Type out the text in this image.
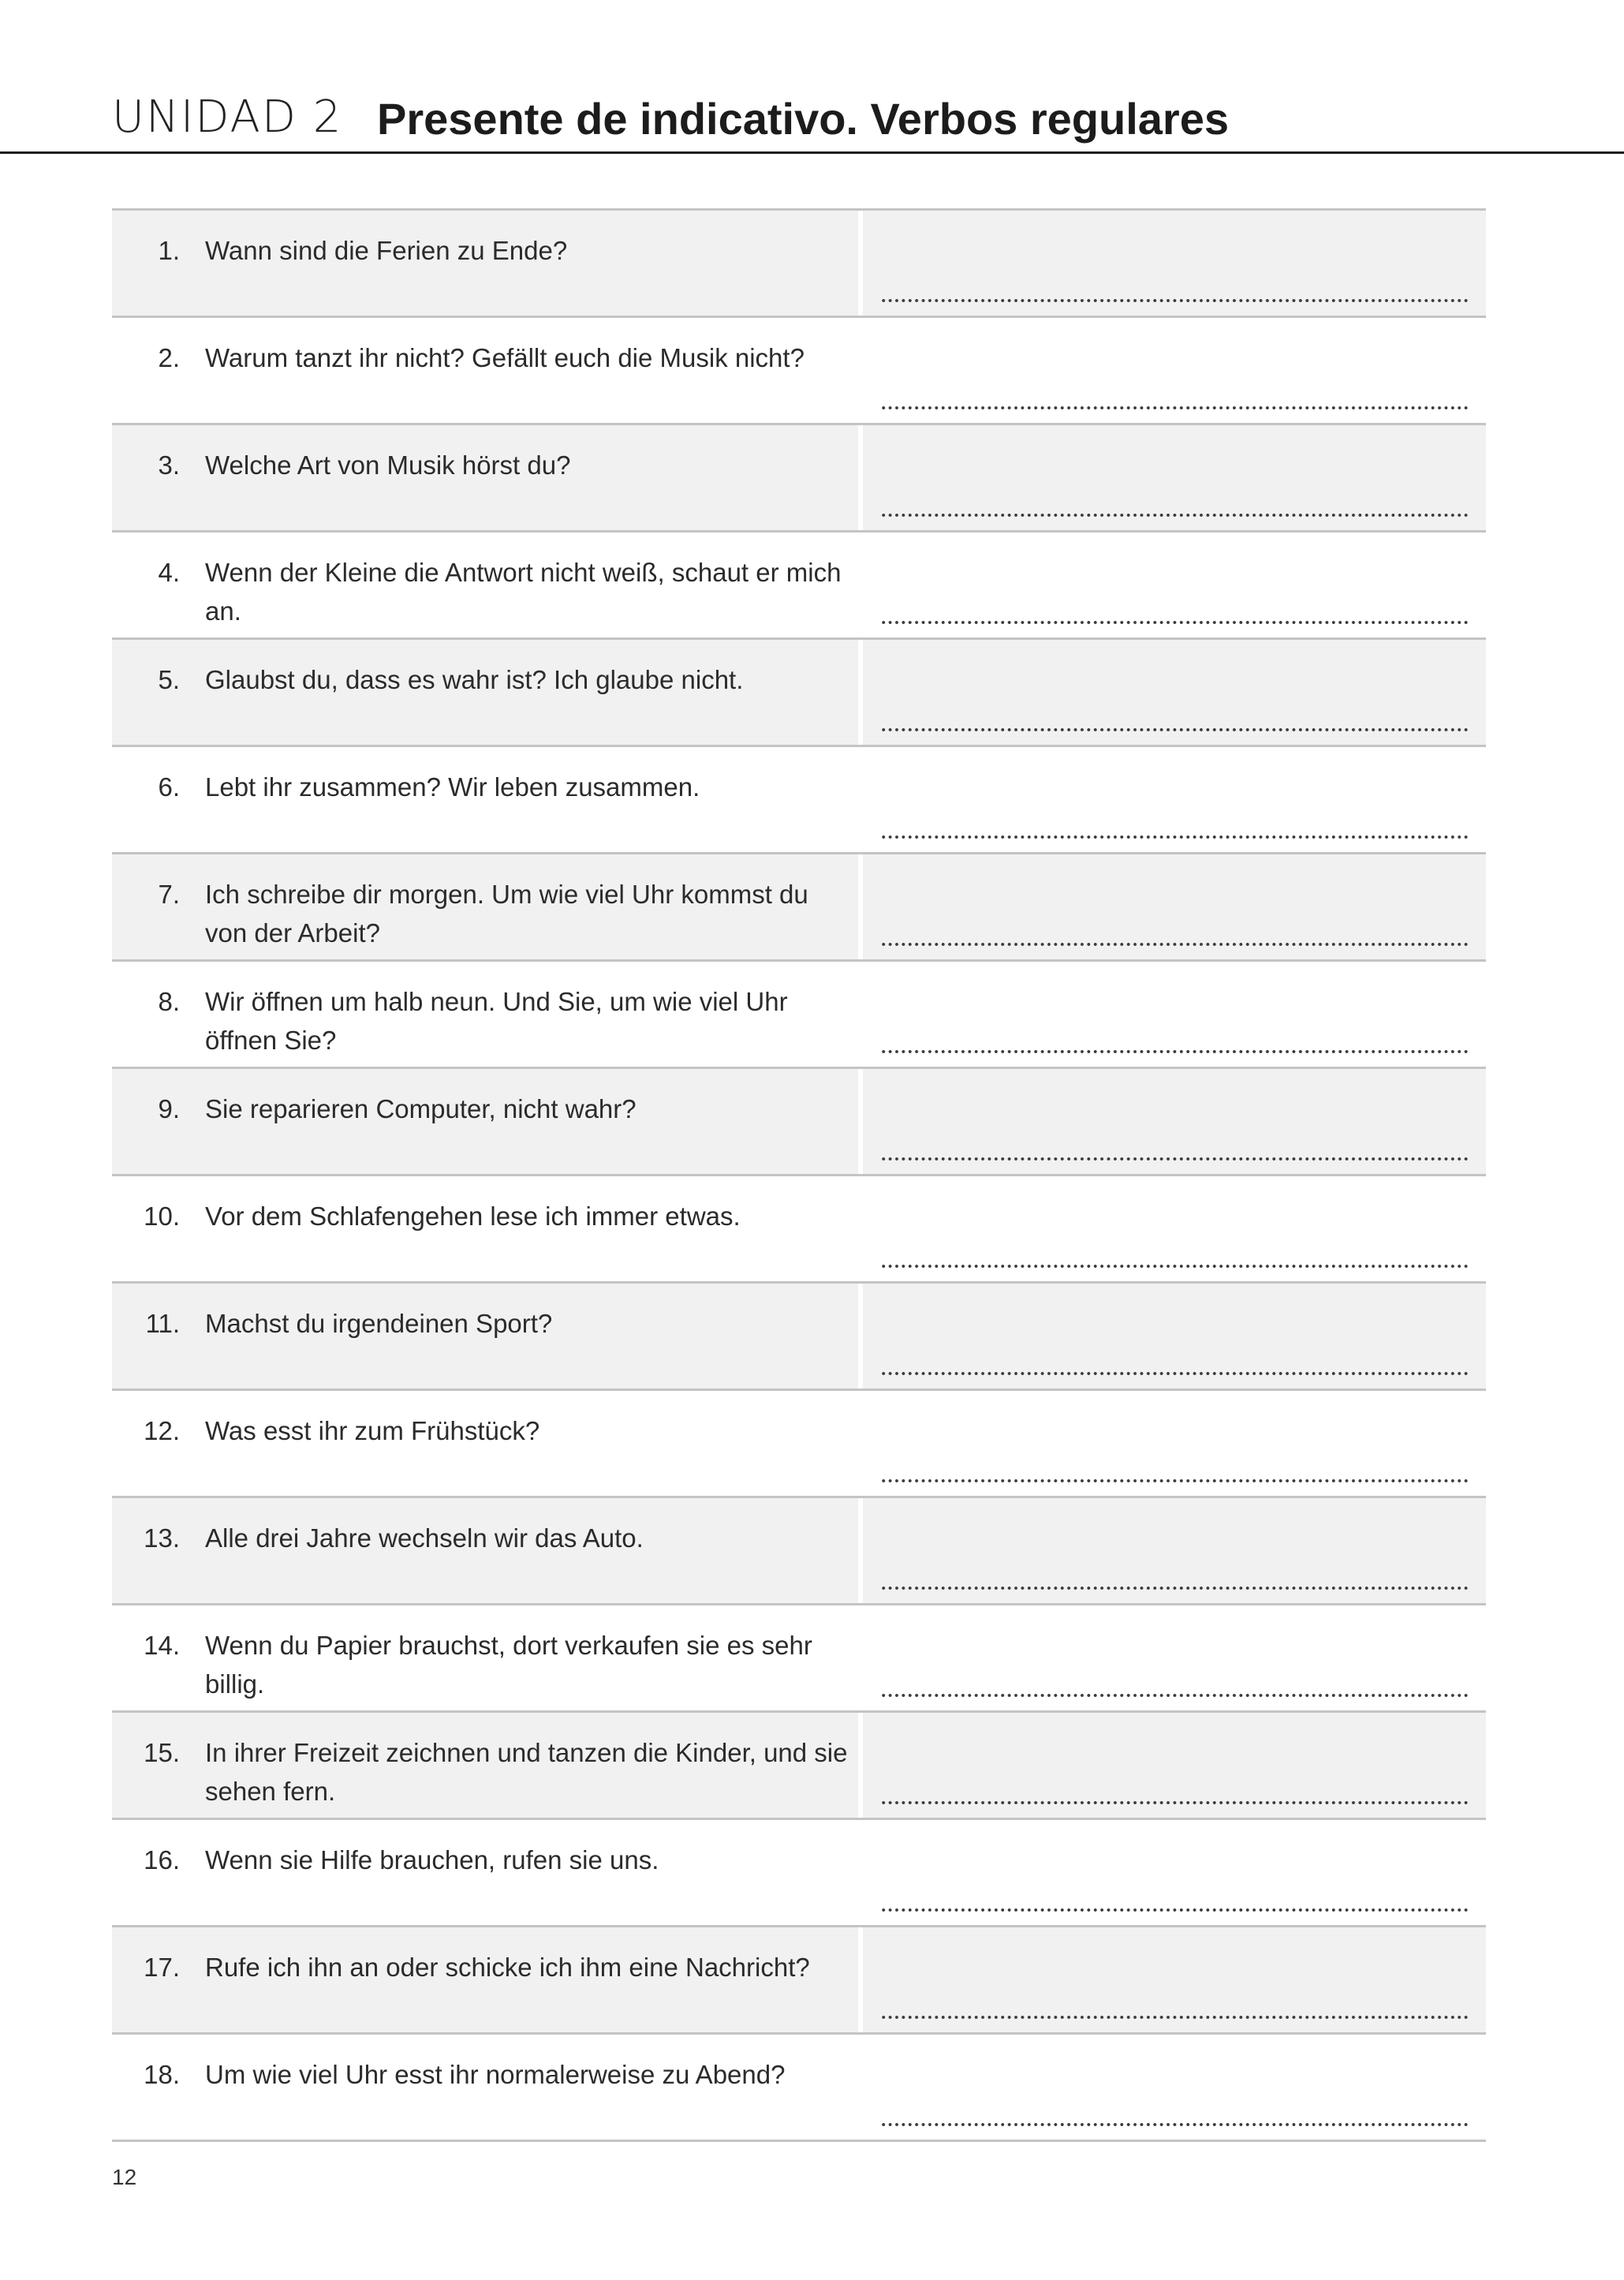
UNIDAD 2 Presente de indicativo. Verbos regulares
1. Wann sind die Ferien zu Ende?
2. Warum tanzt ihr nicht? Gefällt euch die Musik nicht?
3. Welche Art von Musik hörst du?
4. Wenn der Kleine die Antwort nicht weiß, schaut er mich an.
5. Glaubst du, dass es wahr ist? Ich glaube nicht.
6. Lebt ihr zusammen? Wir leben zusammen.
7. Ich schreibe dir morgen. Um wie viel Uhr kommst du von der Arbeit?
8. Wir öffnen um halb neun. Und Sie, um wie viel Uhr öffnen Sie?
9. Sie reparieren Computer, nicht wahr?
10. Vor dem Schlafengehen lese ich immer etwas.
11. Machst du irgendeinen Sport?
12. Was esst ihr zum Frühstück?
13. Alle drei Jahre wechseln wir das Auto.
14. Wenn du Papier brauchst, dort verkaufen sie es sehr billig.
15. In ihrer Freizeit zeichnen und tanzen die Kinder, und sie sehen fern.
16. Wenn sie Hilfe brauchen, rufen sie uns.
17. Rufe ich ihn an oder schicke ich ihm eine Nachricht?
18. Um wie viel Uhr esst ihr normalerweise zu Abend?
12
